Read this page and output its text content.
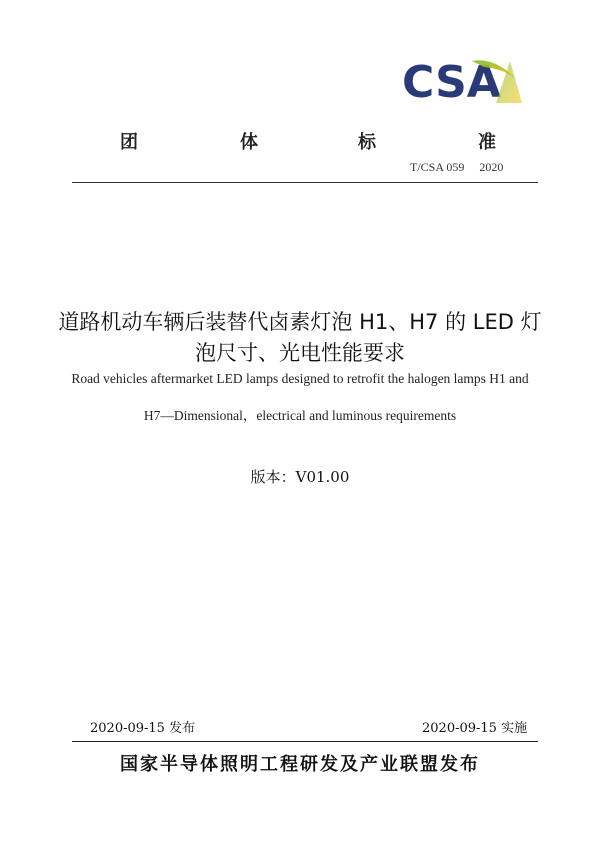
CSA
团	体	标	准
T/CSA 059  2020
道路机动车辆后装替代卤素灯泡 H1、H7 的 LED 灯
泡尺寸、光电性能要求
Road vehicles aftermarket LED lamps designed to retrofit the halogen lamps H1 and
H7—Dimensional，electrical and luminous requirements
版本：V01.00
2020-09-15 发布	2020-09-15 实施
国家半导体照明工程研发及产业联盟发布
